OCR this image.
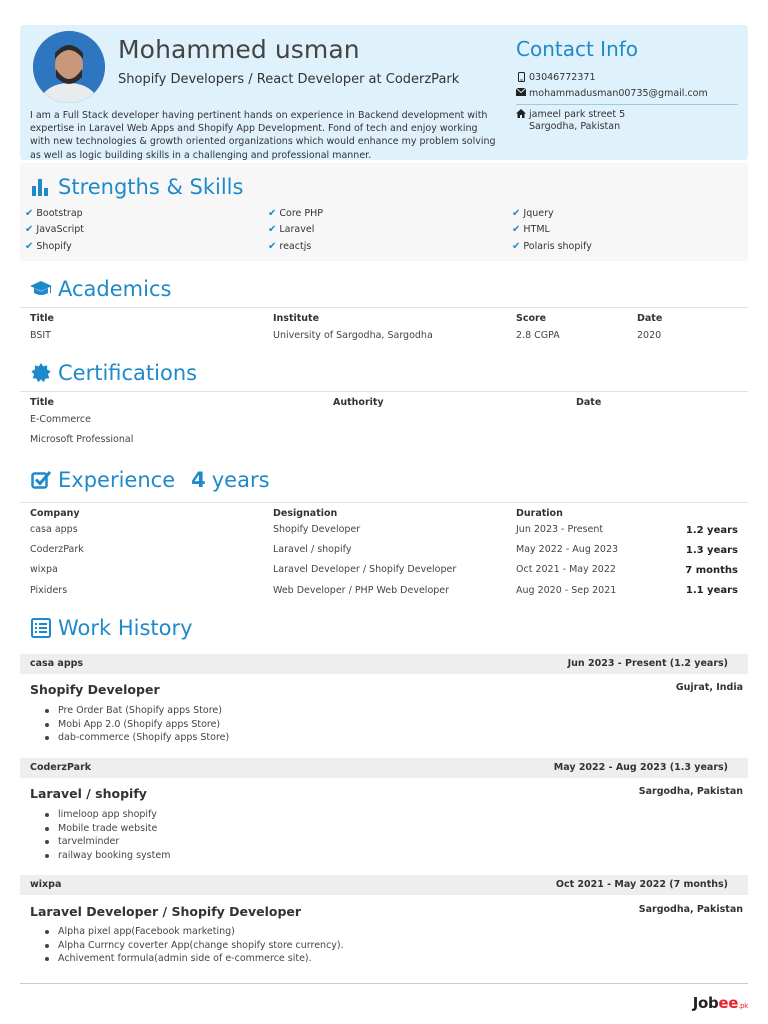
Mohammed usman
Shopify Developers / React Developer at CoderzPark
I am a Full Stack developer having pertinent hands on experience in Backend development with expertise in Laravel Web Apps and Shopify App Development. Fond of tech and enjoy working with new technologies & growth oriented organizations which would enhance my problem solving as well as logic building skills in a challenging and professional manner.
Contact Info
03046772371
mohammadusman00735@gmail.com
jameel park street 5
Sargodha, Pakistan
Strengths & Skills
✔ Bootstrap	✔ Core PHP	✔ Jquery
✔ JavaScript	✔ Laravel	✔ HTML
✔ Shopify	✔ reactjs	✔ Polaris shopify
Academics
Title	Institute	Score	Date
BSIT	University of Sargodha, Sargodha	2.8 CGPA	2020
Certifications
Title	Authority	Date
E-Commerce
Microsoft Professional
Experience 4 years
Company	Designation	Duration
casa apps	Shopify Developer	Jun 2023 - Present	1.2 years
CoderzPark	Laravel / shopify	May 2022 - Aug 2023	1.3 years
wixpa	Laravel Developer / Shopify Developer	Oct 2021 - May 2022	7 months
Pixiders	Web Developer / PHP Web Developer	Aug 2020 - Sep 2021	1.1 years
Work History
casa apps	Jun 2023 - Present (1.2 years)
Shopify Developer	Gujrat, India
Pre Order Bat (Shopify apps Store)
Mobi App 2.0 (Shopify apps Store)
dab-commerce (Shopify apps Store)
CoderzPark	May 2022 - Aug 2023 (1.3 years)
Laravel / shopify	Sargodha, Pakistan
limeloop app shopify
Mobile trade website
tarvelminder
railway booking system
wixpa	Oct 2021 - May 2022 (7 months)
Laravel Developer / Shopify Developer	Sargodha, Pakistan
Alpha pixel app(Facebook marketing)
Alpha Currncy coverter App(change shopify store currency).
Achivement formula(admin side of e-commerce site).
Jobee.pk
